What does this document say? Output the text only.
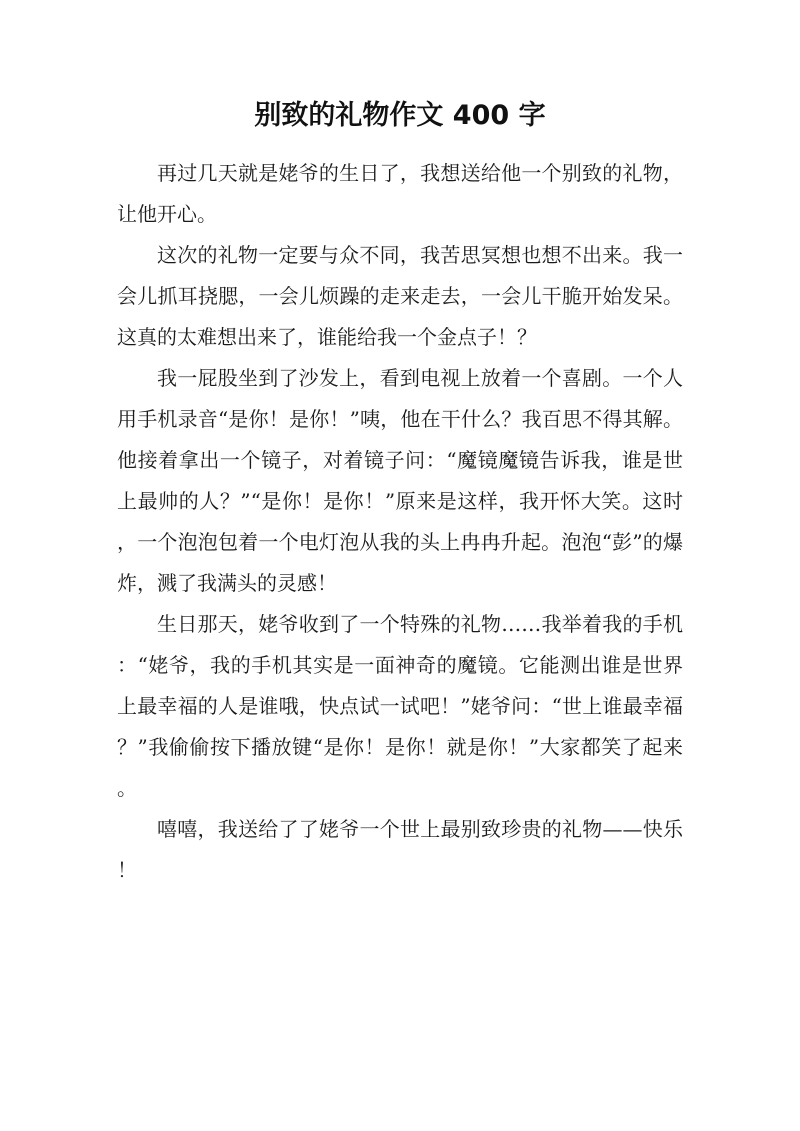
别致的礼物作文 400 字

再过几天就是姥爷的生日了，我想送给他一个别致的礼物，让他开心。

这次的礼物一定要与众不同，我苦思冥想也想不出来。我一会儿抓耳挠腮，一会儿烦躁的走来走去，一会儿干脆开始发呆。这真的太难想出来了，谁能给我一个金点子！？

我一屁股坐到了沙发上，看到电视上放着一个喜剧。一个人用手机录音“是你！是你！”咦，他在干什么？我百思不得其解。他接着拿出一个镜子，对着镜子问：“魔镜魔镜告诉我，谁是世上最帅的人？”“是你！是你！”原来是这样，我开怀大笑。这时，一个泡泡包着一个电灯泡从我的头上冉冉升起。泡泡“彭”的爆炸，溅了我满头的灵感！

生日那天，姥爷收到了一个特殊的礼物……我举着我的手机：“姥爷，我的手机其实是一面神奇的魔镜。它能测出谁是世界上最幸福的人是谁哦，快点试一试吧！”姥爷问：“世上谁最幸福？”我偷偷按下播放键“是你！是你！就是你！”大家都笑了起来。

嘻嘻，我送给了了姥爷一个世上最别致珍贵的礼物——快乐！
